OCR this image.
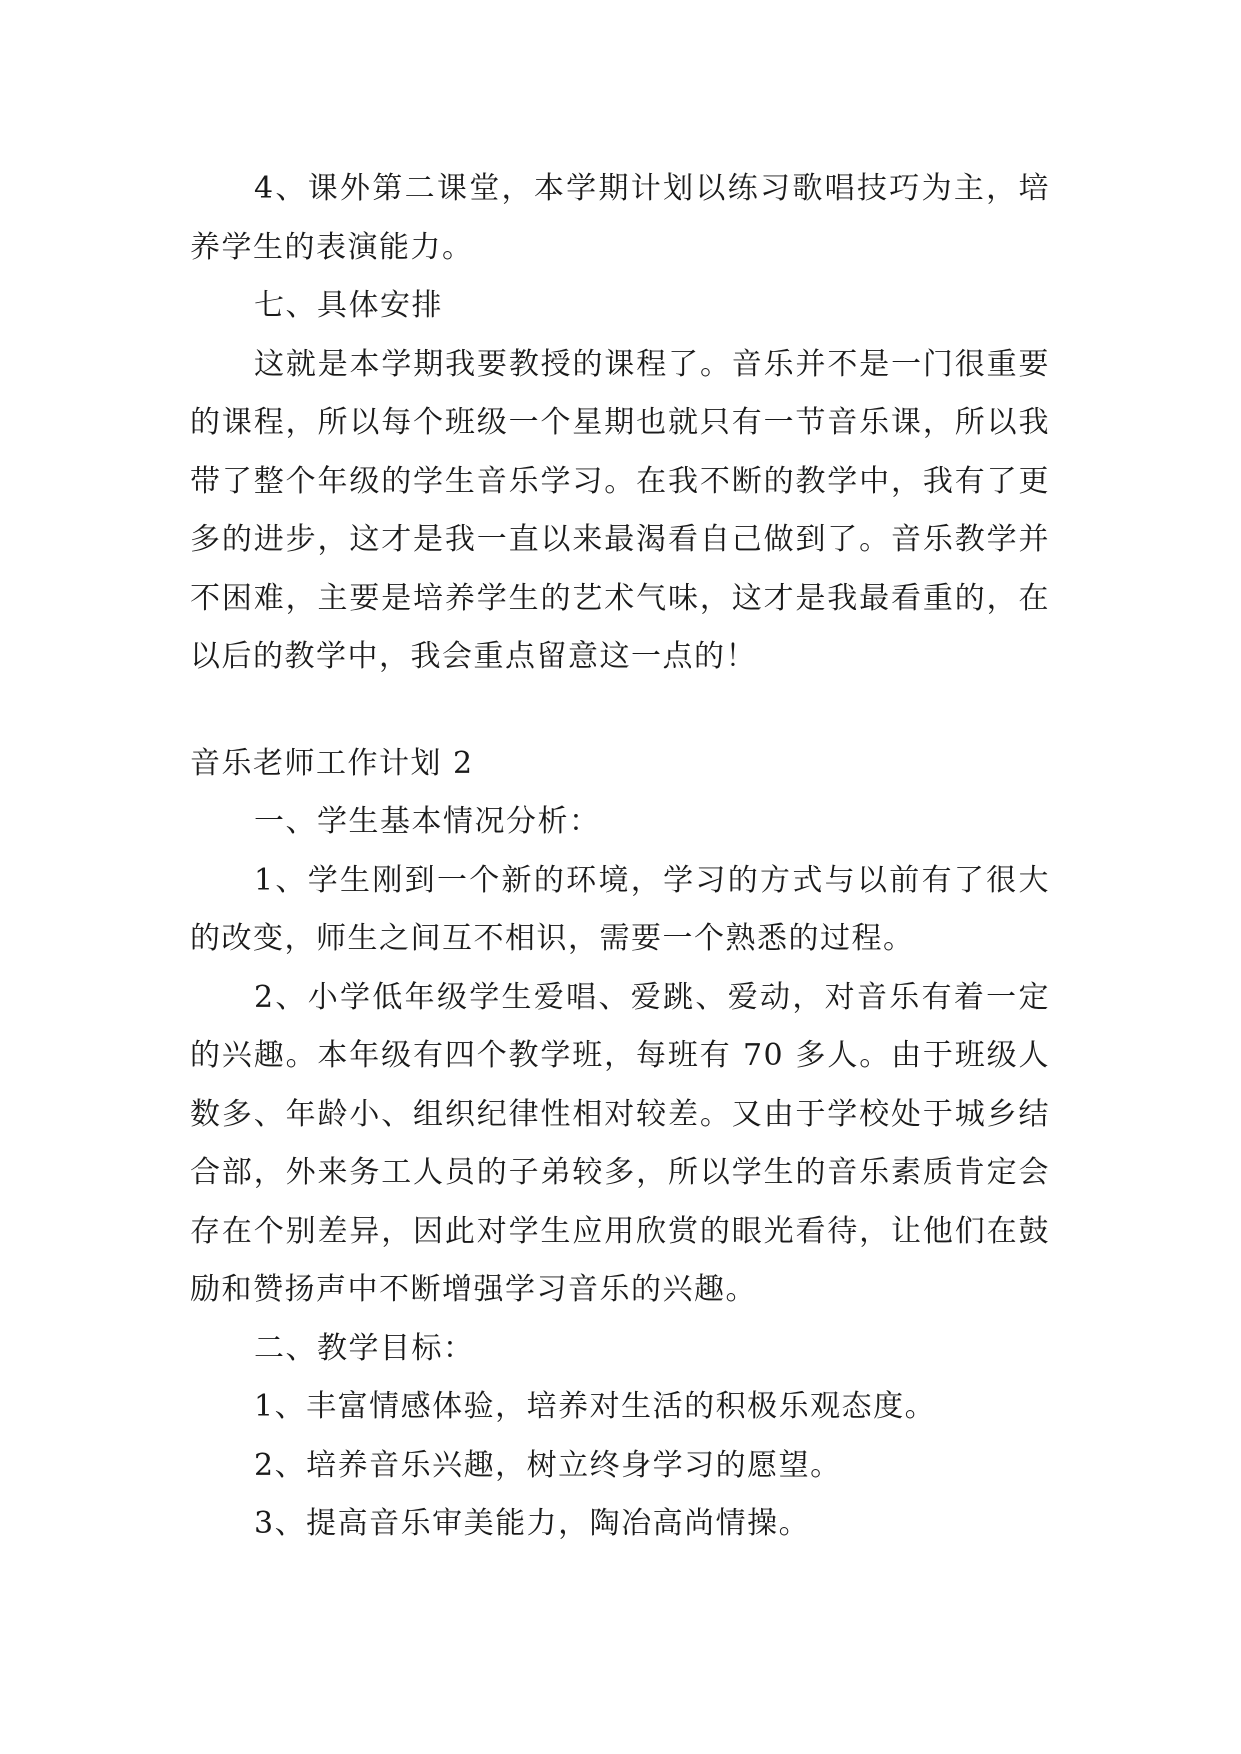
4、课外第二课堂，本学期计划以练习歌唱技巧为主，培养学生的表演能力。

七、具体安排

这就是本学期我要教授的课程了。音乐并不是一门很重要的课程，所以每个班级一个星期也就只有一节音乐课，所以我带了整个年级的学生音乐学习。在我不断的教学中，我有了更多的进步，这才是我一直以来最渴看自己做到了。音乐教学并不困难，主要是培养学生的艺术气味，这才是我最看重的，在以后的教学中，我会重点留意这一点的！

音乐老师工作计划 2

一、学生基本情况分析：

1、学生刚到一个新的环境，学习的方式与以前有了很大的改变，师生之间互不相识，需要一个熟悉的过程。

2、小学低年级学生爱唱、爱跳、爱动，对音乐有着一定的兴趣。本年级有四个教学班，每班有 70 多人。由于班级人数多、年龄小、组织纪律性相对较差。又由于学校处于城乡结合部，外来务工人员的子弟较多，所以学生的音乐素质肯定会存在个别差异，因此对学生应用欣赏的眼光看待，让他们在鼓励和赞扬声中不断增强学习音乐的兴趣。

二、教学目标：

1、丰富情感体验，培养对生活的积极乐观态度。

2、培养音乐兴趣，树立终身学习的愿望。

3、提高音乐审美能力，陶冶高尚情操。
